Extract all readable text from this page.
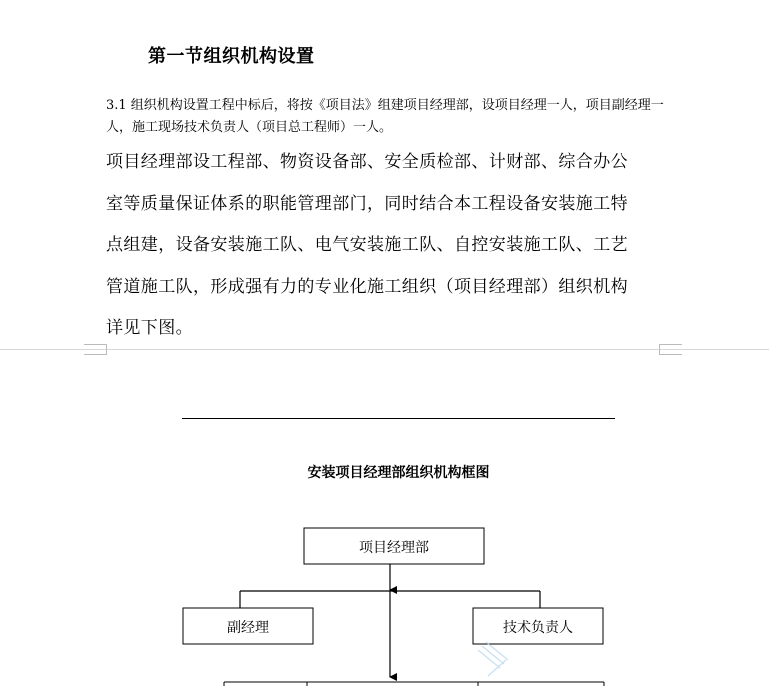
第一节组织机构设置

3.1 组织机构设置工程中标后，将按《项目法》组建项目经理部，设项目经理一人，项目副经理一人，施工现场技术负责人（项目总工程师）一人。

项目经理部设工程部、物资设备部、安全质检部、计财部、综合办公
室等质量保证体系的职能管理部门，同时结合本工程设备安装施工特
点组建，设备安装施工队、电气安装施工队、自控安装施工队、工艺
管道施工队，形成强有力的专业化施工组织（项目经理部）组织机构
详见下图。

安装项目经理部组织机构框图

项目经理部
副经理	技术负责人
